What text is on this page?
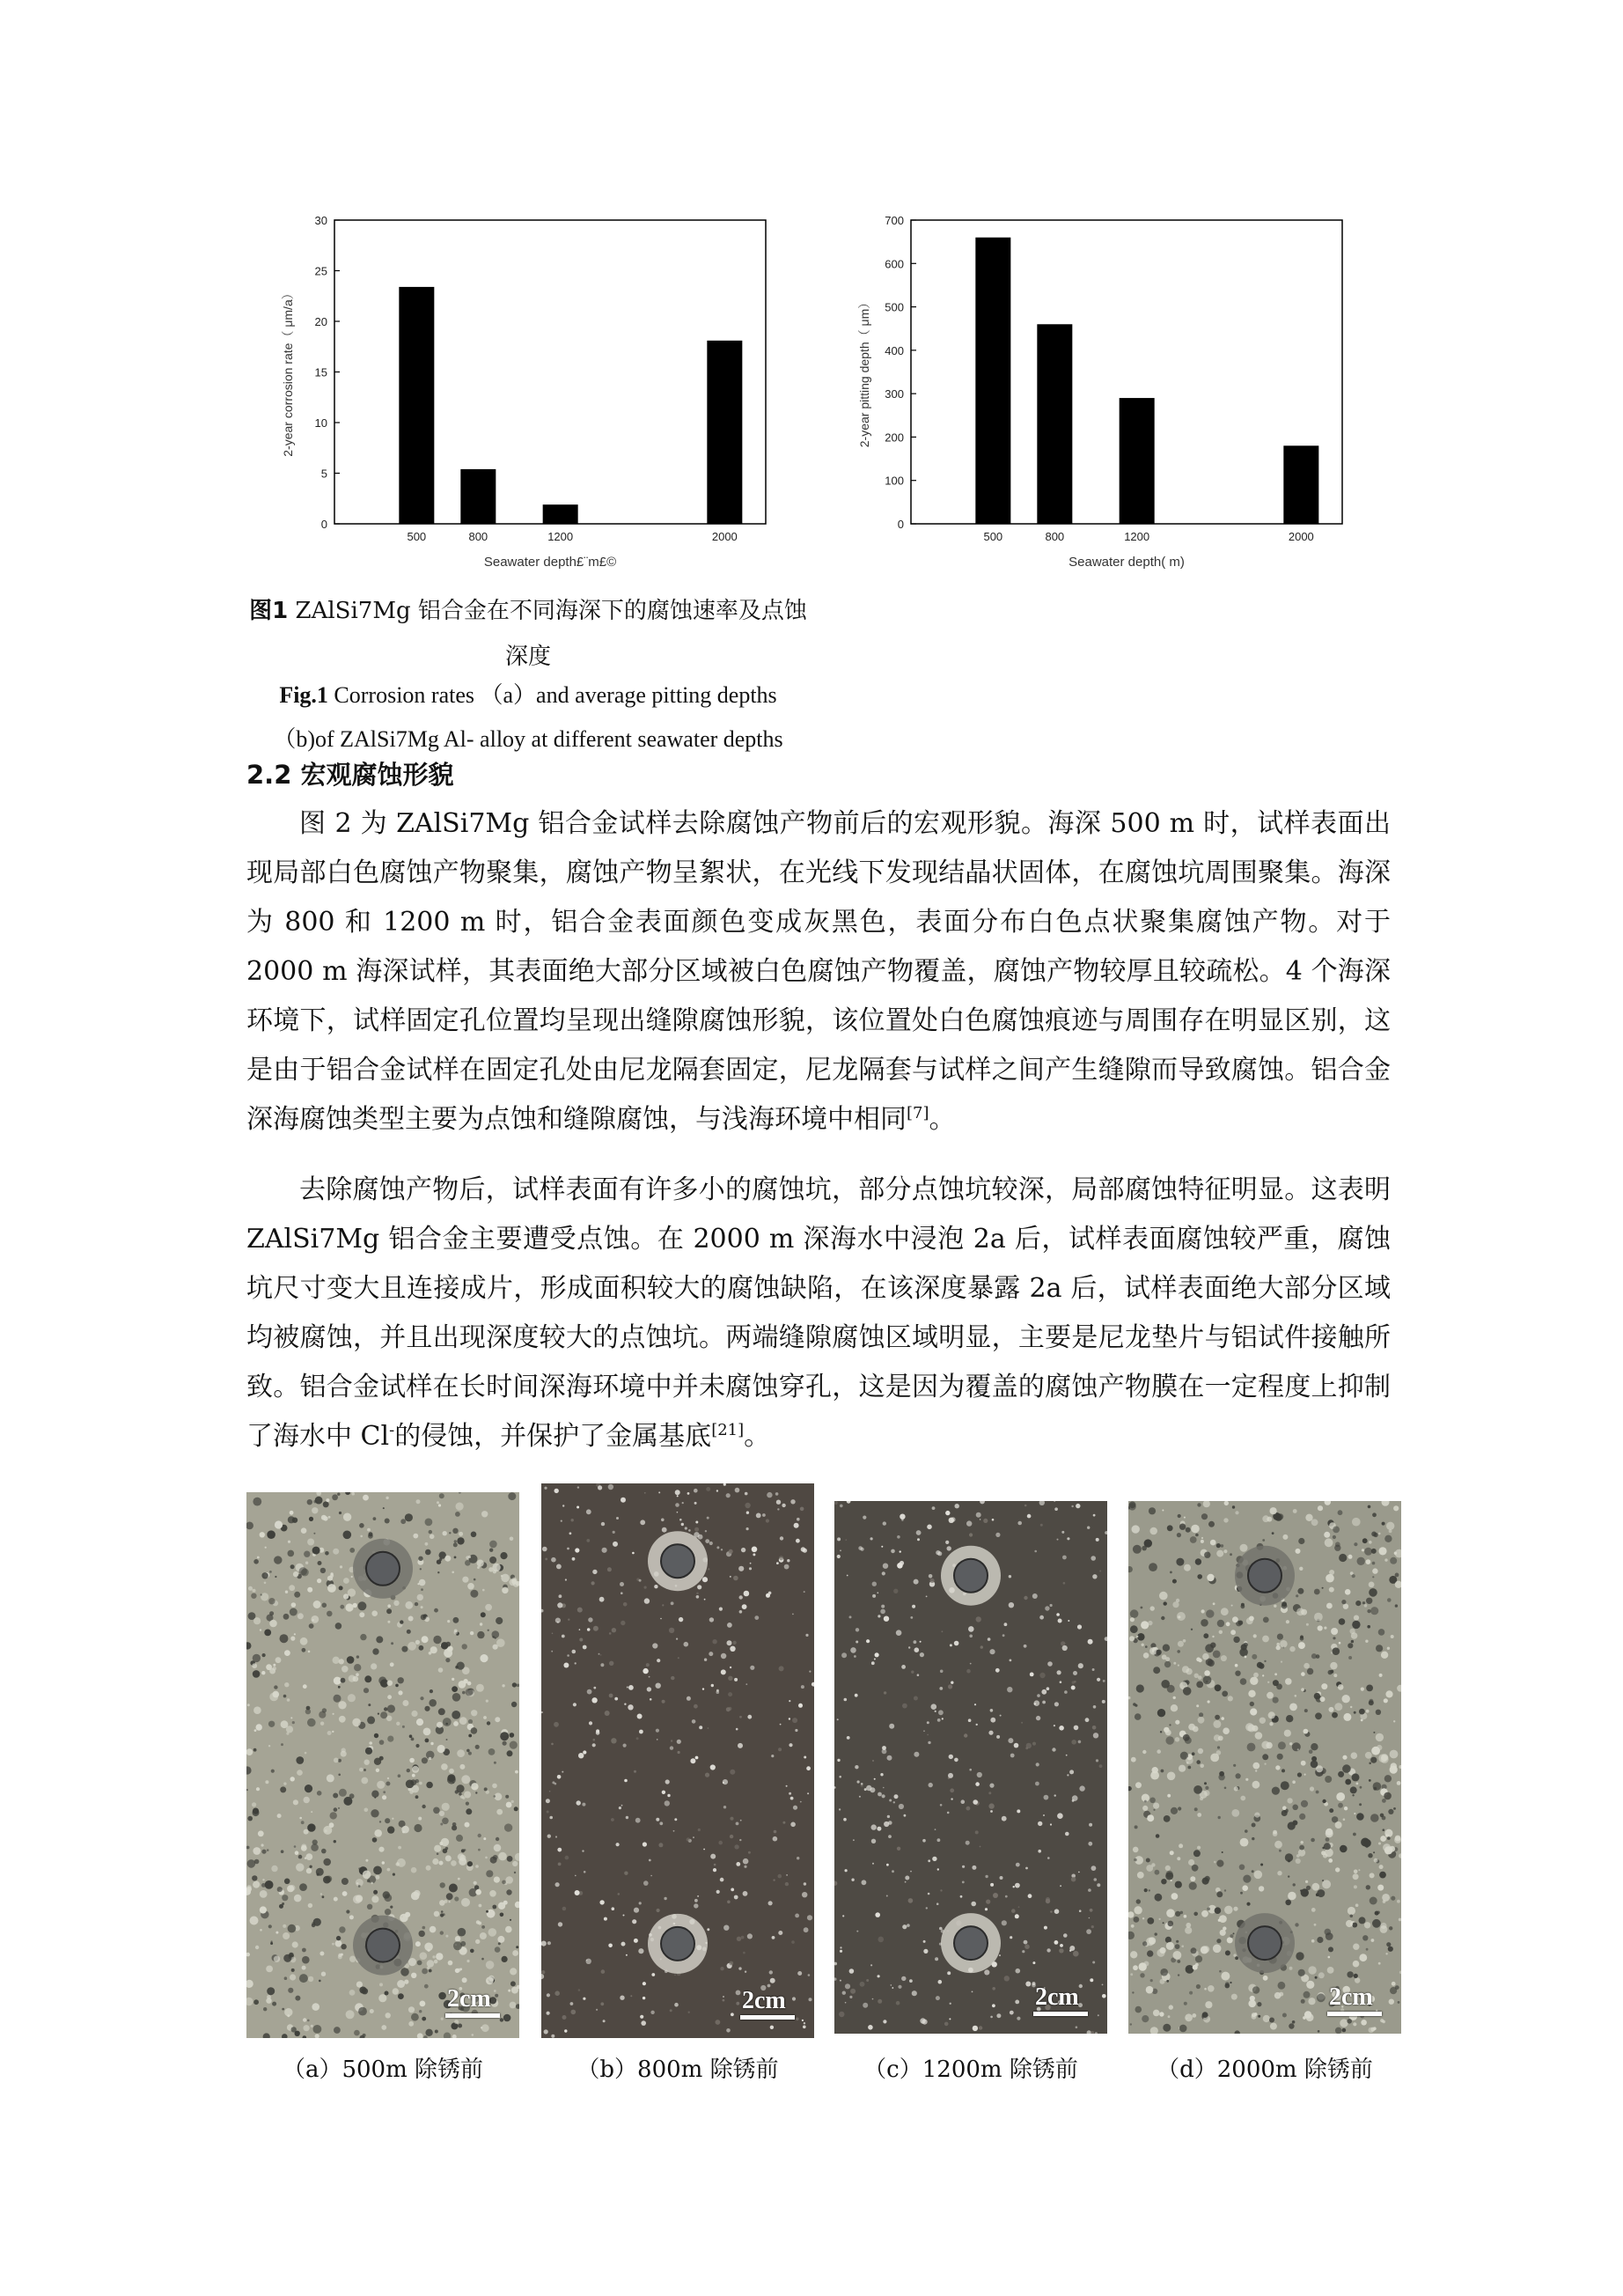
0
5
10
15
20
25
30
500	800	1200	2000
Seawater depth£¨m£©
2-year corrosion rate（ μm/a）
0
100
200
300
400
500
600
700
500	800	1200	2000
Seawater depth( m)
2-year pitting depth（ μm）
图1 ZAlSi7Mg 铝合金在不同海深下的腐蚀速率及点蚀深度
Fig.1 Corrosion rates （a）and average pitting depths （b)of ZAlSi7Mg Al- alloy at different seawater depths
2.2 宏观腐蚀形貌

图 2 为 ZAlSi7Mg 铝合金试样去除腐蚀产物前后的宏观形貌。海深 500 m 时，试样表面出现局部白色腐蚀产物聚集，腐蚀产物呈絮状，在光线下发现结晶状固体，在腐蚀坑周围聚集。海深为 800 和 1200 m 时，铝合金表面颜色变成灰黑色，表面分布白色点状聚集腐蚀产物。对于 2000 m 海深试样，其表面绝大部分区域被白色腐蚀产物覆盖，腐蚀产物较厚且较疏松。4 个海深环境下，试样固定孔位置均呈现出缝隙腐蚀形貌，该位置处白色腐蚀痕迹与周围存在明显区别，这是由于铝合金试样在固定孔处由尼龙隔套固定，尼龙隔套与试样之间产生缝隙而导致腐蚀。铝合金深海腐蚀类型主要为点蚀和缝隙腐蚀，与浅海环境中相同[7]。

去除腐蚀产物后，试样表面有许多小的腐蚀坑，部分点蚀坑较深，局部腐蚀特征明显。这表明 ZAlSi7Mg 铝合金主要遭受点蚀。在 2000 m 深海水中浸泡 2a 后，试样表面腐蚀较严重，腐蚀坑尺寸变大且连接成片，形成面积较大的腐蚀缺陷，在该深度暴露 2a 后，试样表面绝大部分区域均被腐蚀，并且出现深度较大的点蚀坑。两端缝隙腐蚀区域明显，主要是尼龙垫片与铝试件接触所致。铝合金试样在长时间深海环境中并未腐蚀穿孔，这是因为覆盖的腐蚀产物膜在一定程度上抑制了海水中 Cl-的侵蚀，并保护了金属基底[21]。

2cm	2cm	2cm	2cm
（a）500m 除锈前	（b）800m 除锈前	（c）1200m 除锈前	（d）2000m 除锈前
